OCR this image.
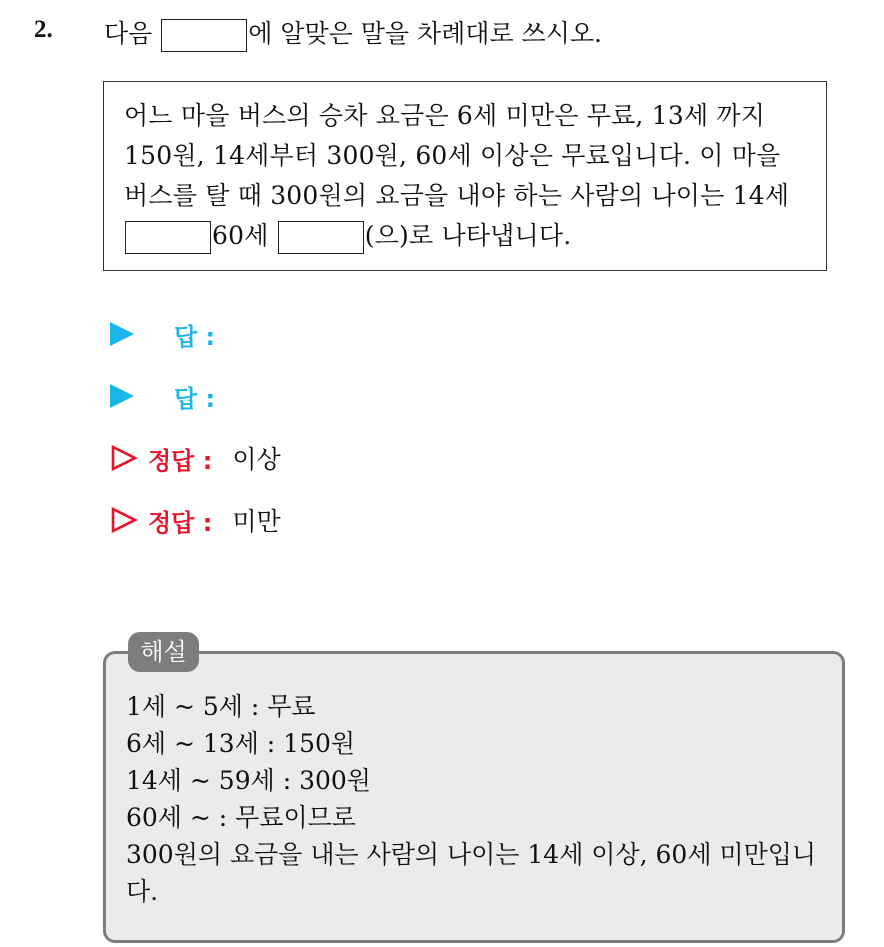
2. 다음	에 알맞은 말을 차례대로 쓰시오.
어느 마을 버스의 승차 요금은 6세 미만은 무료, 13세 까지
150원, 14세부터 300원, 60세 이상은 무료입니다. 이 마을
버스를 탈 때 300원의 요금을 내야 하는 사람의 나이는 14세
60세	(으)로 나타냅니다.
답 :
답 :
정답 : 이상
정답 : 미만
1세 ~ 5세 : 무료
6세 ~ 13세 : 150원
14세 ~ 59세 : 300원
60세 ~ : 무료이므로
300원의 요금을 내는 사람의 나이는 14세 이상, 60세 미만입니
다.
해설
